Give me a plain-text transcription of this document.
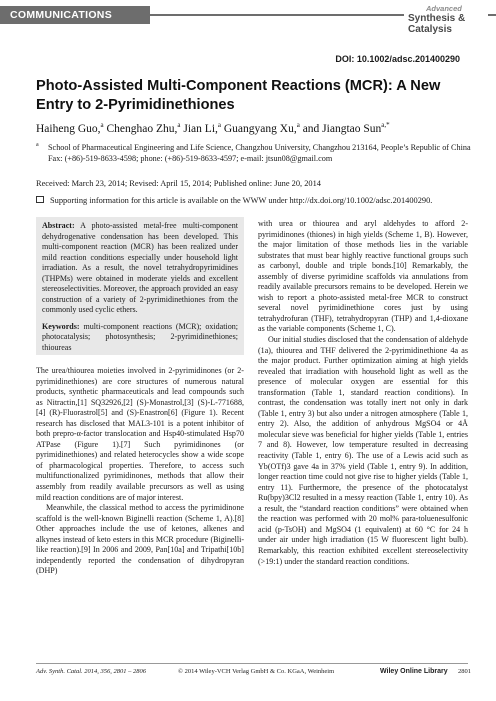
COMMUNICATIONS
Advanced
Synthesis &
Catalysis
DOI: 10.1002/adsc.201400290
Photo-Assisted Multi-Component Reactions (MCR): A New Entry to 2-Pyrimidinethiones
Haiheng Guo,$^a$ Chenghao Zhu,$^a$ Jian Li,$^a$ Guangyang Xu,$^a$ and Jiangtao Sun$^{a,*}$
a School of Pharmaceutical Engineering and Life Science, Changzhou University, Changzhou 213164, People’s Republic of China
Fax: (+86)-519-8633-4598; phone: (+86)-519-8633-4597; e-mail: jtsun08@gmail.com
Received: March 23, 2014; Revised: April 15, 2014; Published online: June 20, 2014
Supporting information for this article is available on the WWW under http://dx.doi.org/10.1002/adsc.201400290.
Abstract: A photo-assisted metal-free multi-component dehydrogenative condensation has been developed. This multi-component reaction (MCR) has been realized under mild reaction conditions especially under household light irradiation. As a result, the novel tetrahydropyrimidines (THPMs) were obtained in moderate yields and excellent stereoselectivities. Moreover, the approach provided an easy construction of a variety of 2-pyrimidinethiones from the commonly used cyclic ethers.
Keywords: multi-component reactions (MCR); oxidation; photocatalysis; photosynthesis; 2-pyrimidinethiones; thioureas

The urea/thiourea moieties involved in 2-pyrimidinones (or 2-pyrimidinethiones) are core structures of numerous natural products, synthetic pharmaceuticals and lead compounds such as Nitractin,[1] SQ32926,[2] (S)-Monastrol,[3] (S)-L-771688,[4] (R)-Fluorastrol[5] and (S)-Enastron[6] (Figure 1). Recent research has disclosed that MAL3-101 is a potent inhibitor of both prepro-α-factor translocation and Hsp40-stimulated Hsp70 ATPase (Figure 1).[7] Such pyrimidinones (or pyrimidinethiones) and related heterocycles show a wide scope of pharmacological properties. Therefore, to access such multifunctionalized pyrimidinones, methods that allow their assembly from readily available precursors as well as using mild reaction conditions are of major interest.

Meanwhile, the classical method to access the pyrimidinone scaffold is the well-known Biginelli reaction (Scheme 1, A).[8] Other approaches include the use of ketones, alkenes and alkynes instead of keto esters in this MCR procedure (Biginelli-like reaction).[9] In 2006 and 2009, Pan[10a] and Tripathi[10b] independently reported the condensation of dihydropyran (DHP)

with urea or thiourea and aryl aldehydes to afford 2-pyrimidinones (thiones) in high yields (Scheme 1, B). However, the major limitation of those methods lies in the variable substrates that must bear highly reactive functional groups such as carbonyl, double and triple bonds.[10] Remarkably, the assembly of diverse pyrimidine scaffolds via annulations from readily available precursors remains to be developed. Herein we wish to report a photo-assisted metal-free MCR to construct several novel pyrimidinethione cores just by using tetrahydrofuran (THF), tetrahydropyran (THP) and 1,4-dioxane as the variable components (Scheme 1, C).

Our initial studies disclosed that the condensation of aldehyde (1a), thiourea and THF delivered the 2-pyrimidinethione 4a as the major product. Further optimization aiming at high yields revealed that irradiation with household light as well as the presence of molecular oxygen are essential for this transformation (Table 1, standard reaction conditions). In contrast, the condensation was totally inert not only in dark (Table 1, entry 3) but also under a nitrogen atmosphere (Table 1, entry 2). Also, the addition of anhydrous MgSO4 or 4Å molecular sieve was beneficial for higher yields (Table 1, entries 7 and 8). However, low temperature resulted in decreasing reactivity (Table 1, entry 6). The use of a Lewis acid such as Yb(OTf)3 gave 4a in 37% yield (Table 1, entry 9). In addition, longer reaction time could not give rise to higher yields (Table 1, entry 11). Furthermore, the presence of the photocatalyst Ru(bpy)3Cl2 resulted in a messy reaction (Table 1, entry 10). As a result, the “standard reaction conditions” were obtained when the reaction was performed with 20 mol% para-toluenesulfonic acid (p-TsOH) and MgSO4 (1 equivalent) at 60 °C for 24 h under air under high irradiation (15 W fluorescent light bulb). Remarkably, this reaction exhibited excellent stereoselectivity (>19:1) under the standard reaction conditions.

Adv. Synth. Catal. 2014, 356, 2801 – 2806	© 2014 Wiley-VCH Verlag GmbH & Co. KGaA, Weinheim	Wiley Online Library 2801
